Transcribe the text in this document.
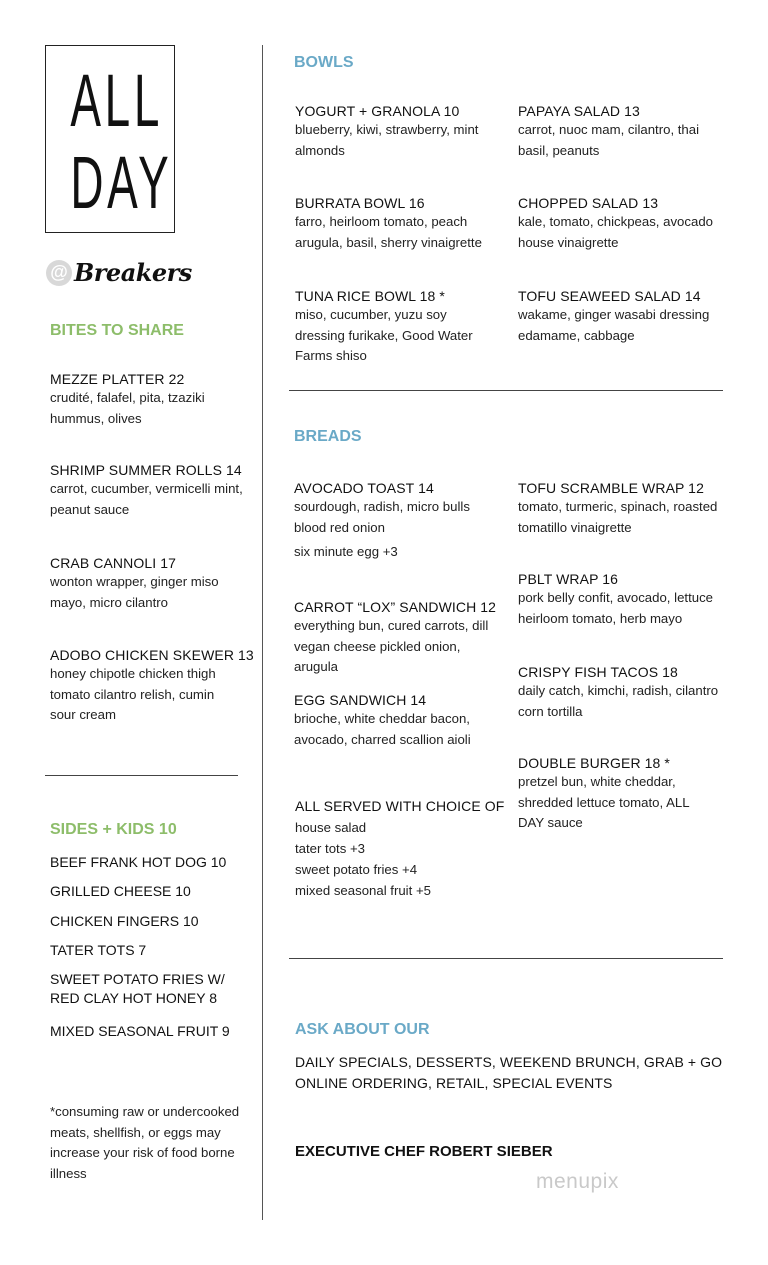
ALL
DAY
@ Breakers
BITES TO SHARE
MEZZE PLATTER 22
crudité, falafel, pita, tzaziki hummus, olives
SHRIMP SUMMER ROLLS 14
carrot, cucumber, vermicelli mint, peanut sauce
CRAB CANNOLI 17
wonton wrapper, ginger miso mayo, micro cilantro
ADOBO CHICKEN SKEWER 13
honey chipotle chicken thigh tomato cilantro relish, cumin sour cream
SIDES + KIDS 10
BEEF FRANK HOT DOG 10
GRILLED CHEESE 10
CHICKEN FINGERS 10
TATER TOTS 7
SWEET POTATO FRIES W/ RED CLAY HOT HONEY 8
MIXED SEASONAL FRUIT 9
*consuming raw or undercooked meats, shellfish, or eggs may increase your risk of food borne illness
BOWLS
YOGURT + GRANOLA 10
blueberry, kiwi, strawberry, mint almonds
PAPAYA SALAD 13
carrot, nuoc mam, cilantro, thai basil, peanuts
BURRATA BOWL 16
farro, heirloom tomato, peach arugula, basil, sherry vinaigrette
CHOPPED SALAD 13
kale, tomato, chickpeas, avocado house vinaigrette
TUNA RICE BOWL 18 *
miso, cucumber, yuzu soy dressing furikake, Good Water Farms shiso
TOFU SEAWEED SALAD 14
wakame, ginger wasabi dressing edamame, cabbage
BREADS
AVOCADO TOAST 14
sourdough, radish, micro bulls blood red onion
six minute egg +3
CARROT “LOX” SANDWICH 12
everything bun, cured carrots, dill vegan cheese pickled onion, arugula
EGG SANDWICH 14
brioche, white cheddar bacon, avocado, charred scallion aioli
ALL SERVED WITH CHOICE OF
house salad
tater tots +3
sweet potato fries +4
mixed seasonal fruit +5
TOFU SCRAMBLE WRAP 12
tomato, turmeric, spinach, roasted tomatillo vinaigrette
PBLT WRAP 16
pork belly confit, avocado, lettuce heirloom tomato, herb mayo
CRISPY FISH TACOS 18
daily catch, kimchi, radish, cilantro corn tortilla
DOUBLE BURGER 18 *
pretzel bun, white cheddar, shredded lettuce tomato, ALL DAY sauce
ASK ABOUT OUR
DAILY SPECIALS, DESSERTS, WEEKEND BRUNCH, GRAB + GO
ONLINE ORDERING, RETAIL, SPECIAL EVENTS
EXECUTIVE CHEF ROBERT SIEBER
menupix
